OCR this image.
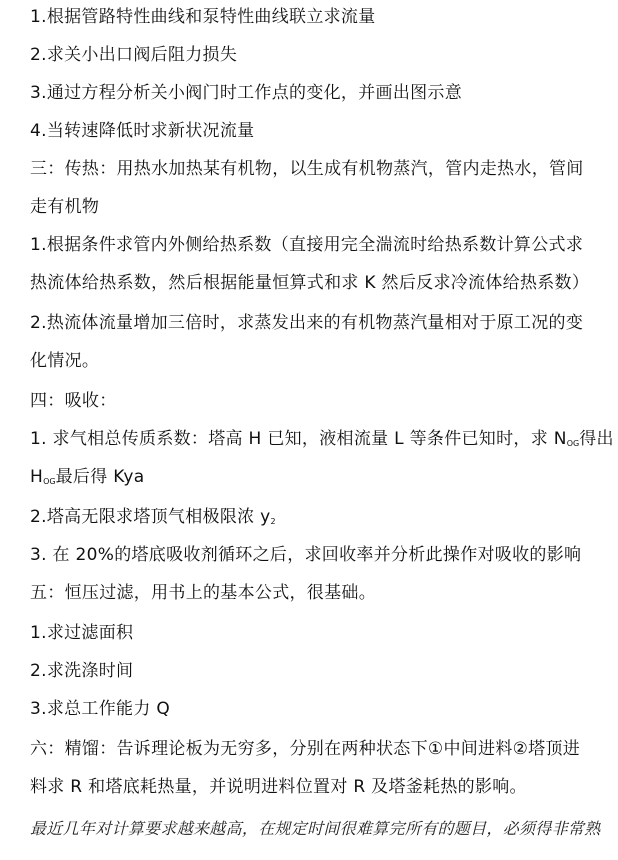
1.根据管路特性曲线和泵特性曲线联立求流量
2.求关小出口阀后阻力损失
3.通过方程分析关小阀门时工作点的变化，并画出图示意
4.当转速降低时求新状况流量
三：传热：用热水加热某有机物，以生成有机物蒸汽，管内走热水，管间
走有机物
1.根据条件求管内外侧给热系数（直接用完全湍流时给热系数计算公式求
热流体给热系数，然后根据能量恒算式和求 K 然后反求冷流体给热系数）
2.热流体流量增加三倍时，求蒸发出来的有机物蒸汽量相对于原工况的变
化情况。
四：吸收：
1. 求气相总传质系数：塔高 H 已知，液相流量 L 等条件已知时，求 $N_{OG}$得出
$H_{OG}$最后得 Kya
2.塔高无限求塔顶气相极限浓 $y_2$
3. 在 20%的塔底吸收剂循环之后，求回收率并分析此操作对吸收的影响
五：恒压过滤，用书上的基本公式，很基础。
1.求过滤面积
2.求洗涤时间
3.求总工作能力 Q
六：精馏：告诉理论板为无穷多，分别在两种状态下①中间进料②塔顶进
料求 R 和塔底耗热量，并说明进料位置对 R 及塔釜耗热的影响。
最近几年对计算要求越来越高，在规定时间很难算完所有的题目，必须得非常熟
